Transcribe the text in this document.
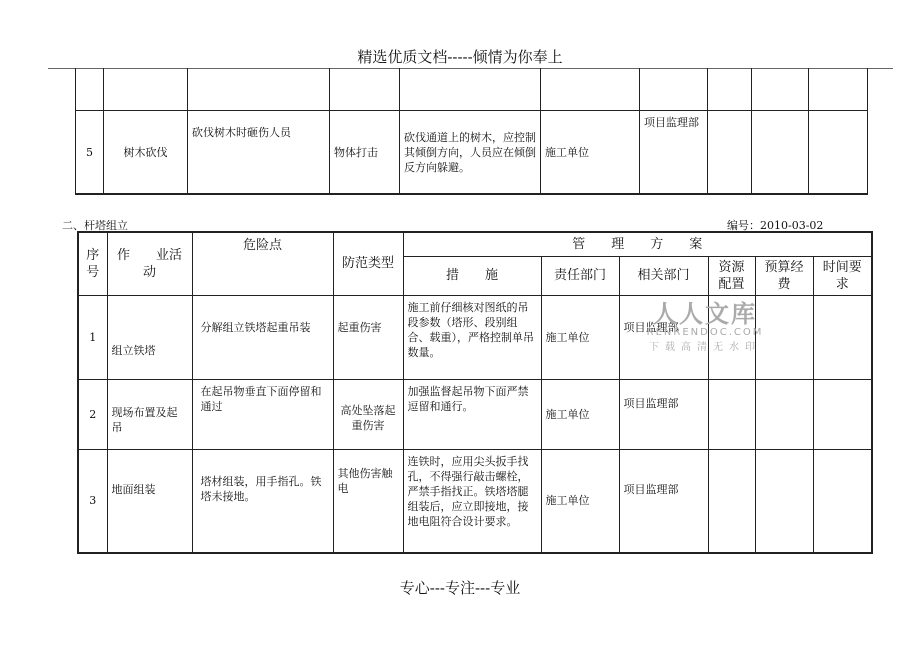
精选优质文档-----倾情为你奉上

5	树木砍伐	砍伐树木时砸伤人员	物体打击	砍伐通道上的树木，应控制其倾倒方向，人员应在倾倒反方向躲避。	施工单位	项目监理部			
二、杆塔组立	编号：2010-03-02
序号	作　　业活　　动	危险点	防范类型	管　　理　　方　　案					
				措　　施	责任部门	相关部门	资源配置	预算经费	时间要求
1	组立铁塔	分解组立铁塔起重吊装	起重伤害	施工前仔细核对图纸的吊段参数（塔形、段别组合、载重），严格控制单吊数量。	施工单位	项目监理部			
2	现场布置及起吊	在起吊物垂直下面停留和通过	高处坠落起重伤害	加强监督起吊物下面严禁逗留和通行。	施工单位	项目监理部			
3	地面组装	塔材组装，用手指孔。铁塔未接地。	其他伤害触电	连铁时，应用尖头扳手找孔，不得强行敲击螺栓，严禁手指找正。铁塔塔腿组装后，应立即接地，接地电阻符合设计要求。	施工单位	项目监理部			
人人文库
RENRENDOC.COM
下载高清无水印
专心---专注---专业
